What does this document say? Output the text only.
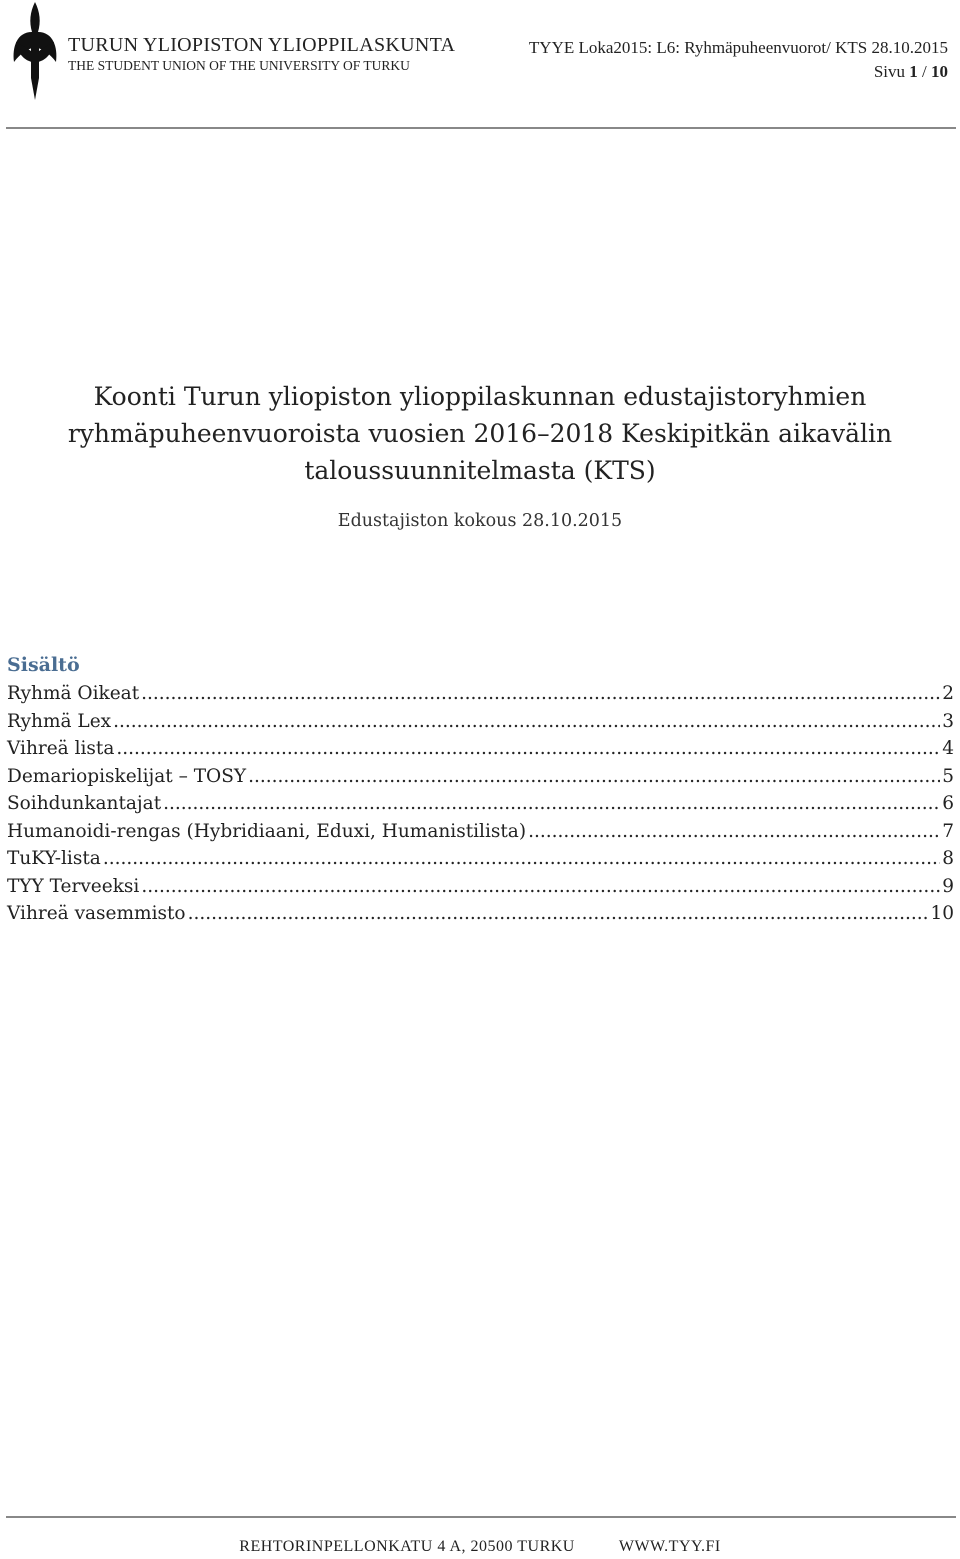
TURUN YLIOPISTON YLIOPPILASKUNTA
THE STUDENT UNION OF THE UNIVERSITY OF TURKU
TYYE Loka2015: L6: Ryhmäpuheenvuorot/ KTS 28.10.2015
Sivu 1 / 10
Koonti Turun yliopiston ylioppilaskunnan edustajistoryhmien
ryhmäpuheenvuoroista vuosien 2016–2018 Keskipitkän aikavälin
taloussuunnitelmasta (KTS)
Edustajiston kokous 28.10.2015
Sisältö
Ryhmä Oikeat .....	2
Ryhmä Lex .....	3
Vihreä lista .....	4
Demariopiskelijat – TOSY .....	5
Soihdunkantajat .....	6
Humanoidi-rengas (Hybridiaani, Eduxi, Humanistilista) .....	7
TuKY-lista .....	8
TYY Terveeksi .....	9
Vihreä vasemmisto .....	10
REHTORINPELLONKATU 4 A, 20500 TURKU	WWW.TYY.FI
